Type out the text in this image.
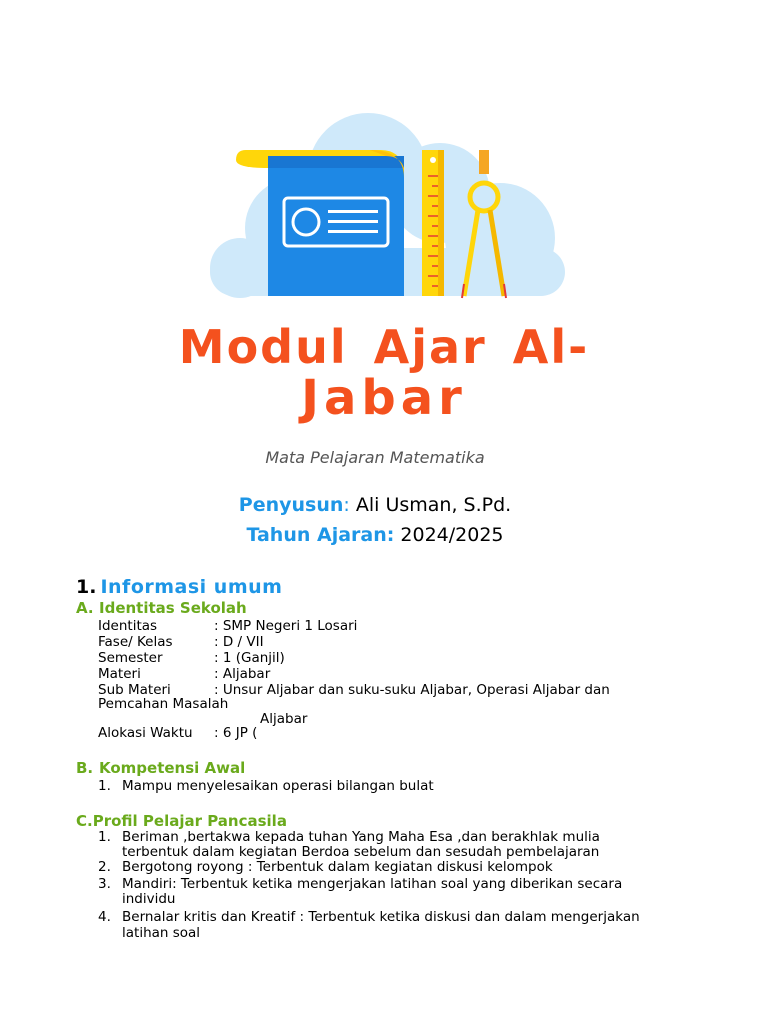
Modul Ajar Al-
Jabar
Mata Pelajaran Matematika
Penyusun: Ali Usman, S.Pd.
Tahun Ajaran: 2024/2025
1. Informasi umum
A. Identitas Sekolah
Identitas	: SMP Negeri 1 Losari
Fase/ Kelas	: D / VII
Semester	: 1 (Ganjil)
Materi	: Aljabar
Sub Materi	: Unsur Aljabar dan suku-suku Aljabar, Operasi Aljabar dan
Pemcahan Masalah
Aljabar
Alokasi Waktu : 6 JP (
B. Kompetensi Awal
1. Mampu menyelesaikan operasi bilangan bulat
C.Profil Pelajar Pancasila
1. Beriman ,bertakwa kepada tuhan Yang Maha Esa ,dan berakhlak mulia
terbentuk dalam kegiatan Berdoa sebelum dan sesudah pembelajaran
2. Bergotong royong : Terbentuk dalam kegiatan diskusi kelompok
3. Mandiri: Terbentuk ketika mengerjakan latihan soal yang diberikan secara
individu
4. Bernalar kritis dan Kreatif : Terbentuk ketika diskusi dan dalam mengerjakan
latihan soal
